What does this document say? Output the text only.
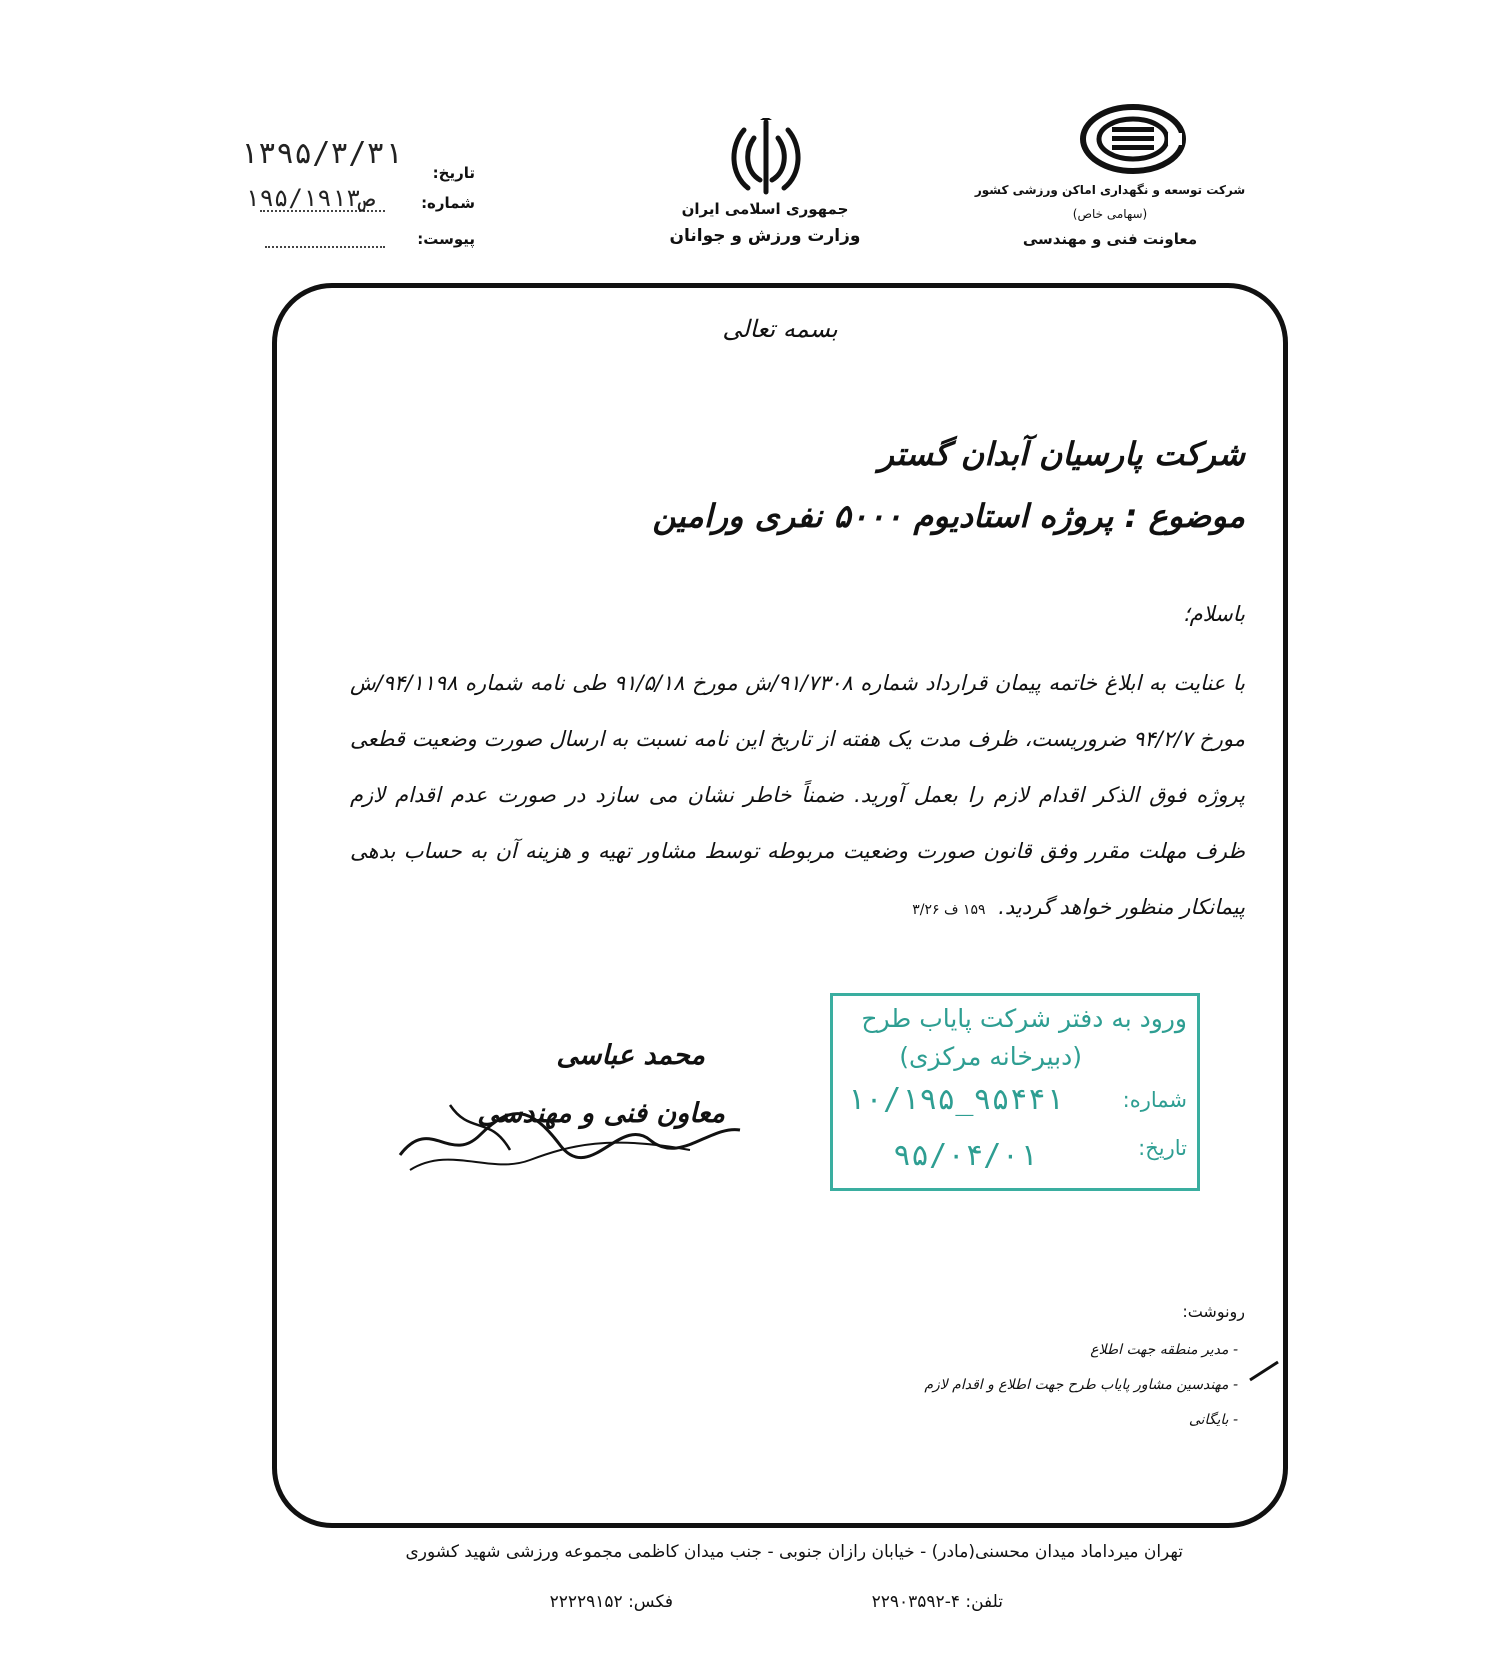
۱۳۹۵/۳/۳۱
تاریخ:
۱۹۵/۱۹۱۳ص	شماره:
پیوست:
جمهوری اسلامی ایران
وزارت ورزش و جوانان
شرکت توسعه و نگهداری اماکن ورزشی کشور
(سهامی خاص)
معاونت فنی و مهندسی
بسمه تعالی
شرکت پارسیان آبدان گستر
موضوع : پروژه استادیوم ۵۰۰۰ نفری ورامین
باسلام؛
با عنایت به ابلاغ خاتمه پیمان قرارداد شماره ۹۱/۷۳۰۸/ش مورخ ۹۱/۵/۱۸ طی نامه شماره ۹۴/۱۱۹۸/ش مورخ ۹۴/۲/۷ ضروریست، ظرف مدت یک هفته از تاریخ این نامه نسبت به ارسال صورت وضعیت قطعی پروژه فوق الذکر اقدام لازم را بعمل آورید. ضمناً خاطر نشان می سازد در صورت عدم اقدام لازم ظرف مهلت مقرر وفق قانون صورت وضعیت مربوطه توسط مشاور تهیه و هزینه آن به حساب بدهی پیمانکار منظور خواهد گردید. ۱۵۹ ف ۳/۲۶
محمد عباسی
معاون فنی و مهندسی
ورود به دفتر شرکت پایاب طرح
(دبیرخانه مرکزی)
شماره:
۱۰/۱۹۵_۹۵۴۴۱
تاریخ:
۹۵/۰۴/۰۱
رونوشت:
- مدیر منطقه جهت اطلاع
- مهندسین مشاور پایاب طرح جهت اطلاع و اقدام لازم
- بایگانی
تهران میرداماد میدان محسنی(مادر) - خیابان رازان جنوبی - جنب میدان کاظمی مجموعه ورزشی شهید کشوری
تلفن: ۴-۲۲۹۰۳۵۹۲
فکس: ۲۲۲۲۹۱۵۲
